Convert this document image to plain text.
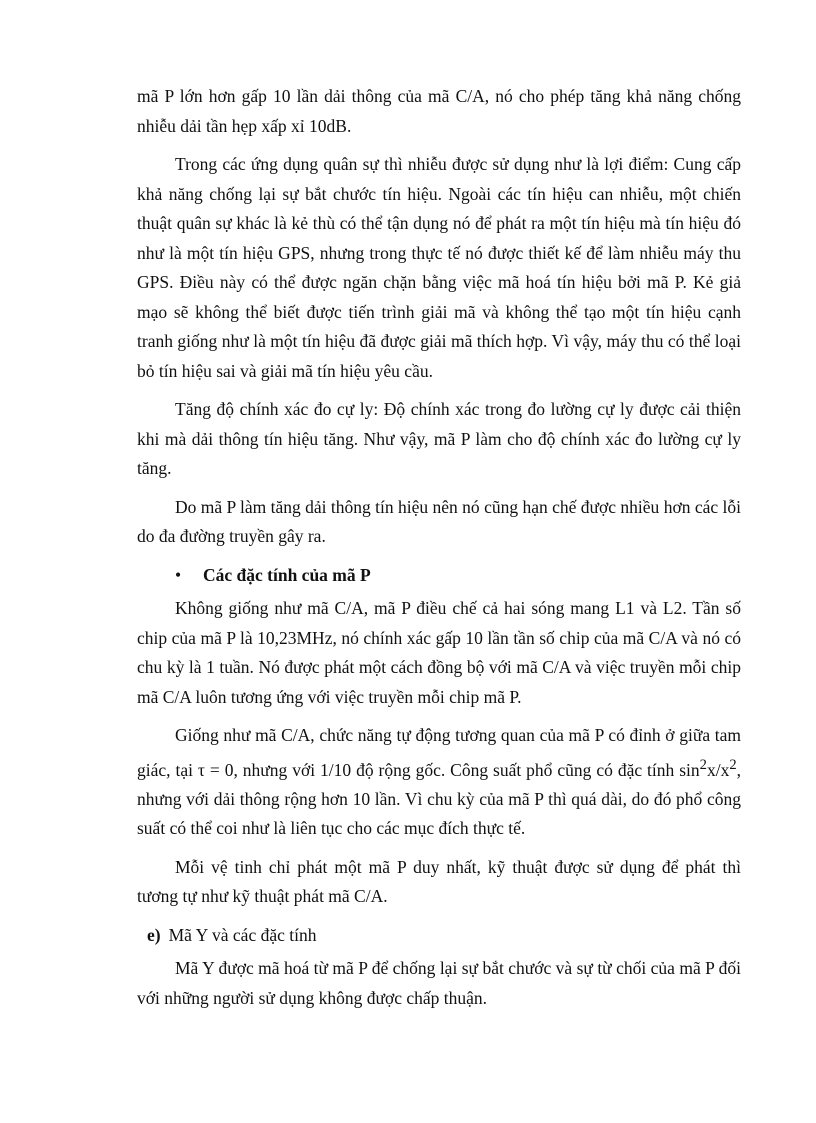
mã P lớn hơn gấp 10 lần dải thông của mã C/A, nó cho phép tăng khả năng chống nhiễu dải tần hẹp xấp xỉ 10dB.

Trong các ứng dụng quân sự thì nhiễu được sử dụng như là lợi điểm: Cung cấp khả năng chống lại sự bắt chước tín hiệu. Ngoài các tín hiệu can nhiễu, một chiến thuật quân sự khác là kẻ thù có thể tận dụng nó để phát ra một tín hiệu mà tín hiệu đó như là một tín hiệu GPS, nhưng trong thực tế nó được thiết kế để làm nhiễu máy thu GPS. Điều này có thể được ngăn chặn bằng việc mã hoá tín hiệu bởi mã P. Kẻ giả mạo sẽ không thể biết được tiến trình giải mã và không thể tạo một tín hiệu cạnh tranh giống như là một tín hiệu đã được giải mã thích hợp. Vì vậy, máy thu có thể loại bỏ tín hiệu sai và giải mã tín hiệu yêu cầu.

Tăng độ chính xác đo cự ly: Độ chính xác trong đo lường cự ly được cải thiện khi mà dải thông tín hiệu tăng. Như vậy, mã P làm cho độ chính xác đo lường cự ly tăng.

Do mã P làm tăng dải thông tín hiệu nên nó cũng hạn chế được nhiều hơn các lỗi do đa đường truyền gây ra.

•	Các đặc tính của mã P

Không giống như mã C/A, mã P điều chế cả hai sóng mang L1 và L2. Tần số chip của mã P là 10,23MHz, nó chính xác gấp 10 lần tần số chip của mã C/A và nó có chu kỳ là 1 tuần. Nó được phát một cách đồng bộ với mã C/A và việc truyền mỗi chip mã C/A luôn tương ứng với việc truyền mỗi chip mã P.

Giống như mã C/A, chức năng tự động tương quan của mã P có đỉnh ở giữa tam giác, tại τ = 0, nhưng với 1/10 độ rộng gốc. Công suất phổ cũng có đặc tính $\sin^2x/x^2$, nhưng với dải thông rộng hơn 10 lần. Vì chu kỳ của mã P thì quá dài, do đó phổ công suất có thể coi như là liên tục cho các mục đích thực tế.

Mỗi vệ tinh chỉ phát một mã P duy nhất, kỹ thuật được sử dụng để phát thì tương tự như kỹ thuật phát mã C/A.

e) Mã Y và các đặc tính

Mã Y được mã hoá từ mã P để chống lại sự bắt chước và sự từ chối của mã P đối với những người sử dụng không được chấp thuận.
